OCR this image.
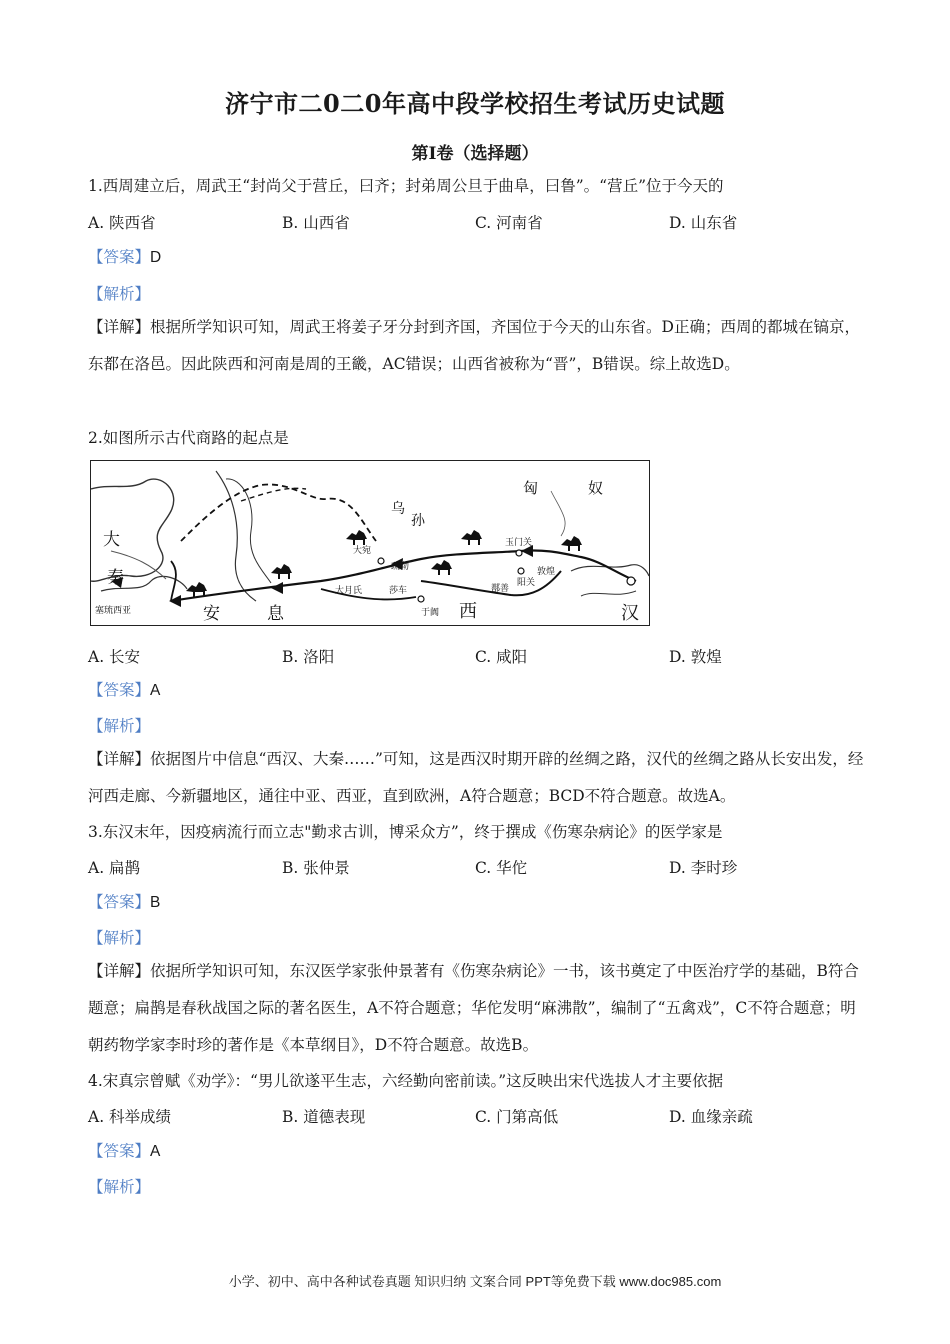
济宁市二0二0年高中段学校招生考试历史试题
第I卷（选择题）
1.西周建立后，周武王“封尚父于营丘，曰齐；封弟周公旦于曲阜，曰鲁”。“营丘”位于今天的
A. 陕西省	B. 山西省	C. 河南省	D. 山东省
【答案】D
【解析】
【详解】根据所学知识可知，周武王将姜子牙分封到齐国，齐国位于今天的山东省。D正确；西周的都城在镐京，东都在洛邑。因此陕西和河南是周的王畿，AC错误；山西省被称为“晋”，B错误。综上故选D。
2.如图所示古代商路的起点是
匈	奴
乌
孙
大
秦
安	息	西	汉
大宛
疏勒
大月氏	莎车
于阗
鄯善
玉门关
阳关
敦煌
塞琉西亚
A. 长安	B. 洛阳	C. 咸阳	D. 敦煌
【答案】A
【解析】
【详解】依据图片中信息“西汉、大秦……”可知，这是西汉时期开辟的丝绸之路，汉代的丝绸之路从长安出发，经河西走廊、今新疆地区，通往中亚、西亚，直到欧洲，A符合题意；BCD不符合题意。故选A。
3.东汉末年，因疫病流行而立志"勤求古训，博采众方”，终于撰成《伤寒杂病论》的医学家是
A. 扁鹊	B. 张仲景	C. 华佗	D. 李时珍
【答案】B
【解析】
【详解】依据所学知识可知，东汉医学家张仲景著有《伤寒杂病论》一书，该书奠定了中医治疗学的基础，B符合题意；扁鹊是春秋战国之际的著名医生，A不符合题意；华佗发明“麻沸散”，编制了“五禽戏”，C不符合题意；明朝药物学家李时珍的著作是《本草纲目》，D不符合题意。故选B。
4.宋真宗曾赋《劝学》：“男儿欲遂平生志，六经勤向密前读。”这反映出宋代选拔人才主要依据
A. 科举成绩	B. 道德表现	C. 门第高低	D. 血缘亲疏
【答案】A
【解析】
小学、初中、高中各种试卷真题 知识归纳 文案合同 PPT等免费下载 www.doc985.com
